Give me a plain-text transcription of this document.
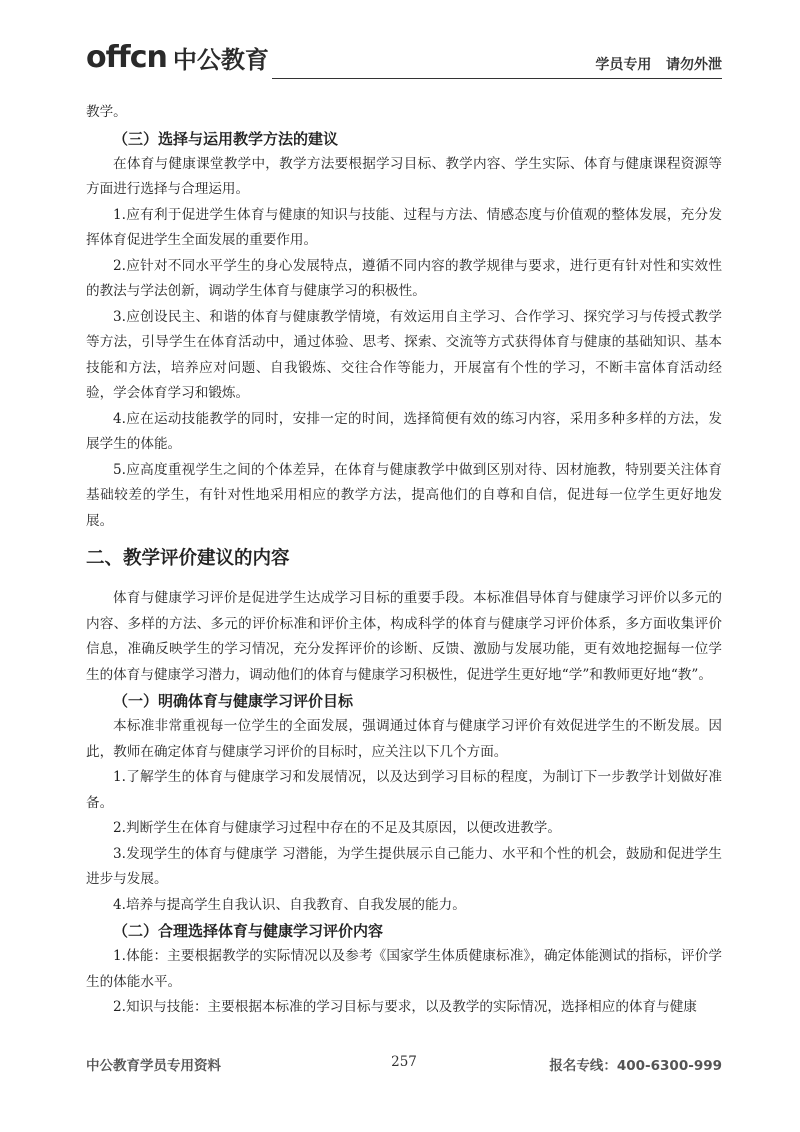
offcn 中公教育	学员专用   请勿外泄

教学。

（三）选择与运用教学方法的建议

在体育与健康课堂教学中，教学方法要根据学习目标、教学内容、学生实际、体育与健康课程资源等方面进行选择与合理运用。

1.应有利于促进学生体育与健康的知识与技能、过程与方法、情感态度与价值观的整体发展，充分发挥体育促进学生全面发展的重要作用。

2.应针对不同水平学生的身心发展特点，遵循不同内容的教学规律与要求，进行更有针对性和实效性的教法与学法创新，调动学生体育与健康学习的积极性。

3.应创设民主、和谐的体育与健康教学情境，有效运用自主学习、合作学习、探究学习与传授式教学等方法，引导学生在体育活动中，通过体验、思考、探索、交流等方式获得体育与健康的基础知识、基本技能和方法，培养应对问题、自我锻炼、交往合作等能力，开展富有个性的学习，不断丰富体育活动经验，学会体育学习和锻炼。

4.应在运动技能教学的同时，安排一定的时间，选择简便有效的练习内容，采用多种多样的方法，发展学生的体能。

5.应高度重视学生之间的个体差异，在体育与健康教学中做到区别对待、因材施教，特别要关注体育基础较差的学生，有针对性地采用相应的教学方法，提高他们的自尊和自信，促进每一位学生更好地发展。

二、教学评价建议的内容

体育与健康学习评价是促进学生达成学习目标的重要手段。本标准倡导体育与健康学习评价以多元的内容、多样的方法、多元的评价标准和评价主体，构成科学的体育与健康学习评价体系，多方面收集评价信息，准确反映学生的学习情况，充分发挥评价的诊断、反馈、激励与发展功能，更有效地挖掘每一位学生的体育与健康学习潜力，调动他们的体育与健康学习积极性，促进学生更好地“学”和教师更好地“教”。

（一）明确体育与健康学习评价目标

本标准非常重视每一位学生的全面发展，强调通过体育与健康学习评价有效促进学生的不断发展。因此，教师在确定体育与健康学习评价的目标时，应关注以下几个方面。

1.了解学生的体育与健康学习和发展情况，以及达到学习目标的程度，为制订下一步教学计划做好准备。

2.判断学生在体育与健康学习过程中存在的不足及其原因，以便改进教学。

3.发现学生的体育与健康学 习潜能，为学生提供展示自己能力、水平和个性的机会，鼓励和促进学生进步与发展。

4.培养与提高学生自我认识、自我教育、自我发展的能力。

（二）合理选择体育与健康学习评价内容

1.体能：主要根据教学的实际情况以及参考《国家学生体质健康标准》，确定体能测试的指标，评价学生的体能水平。

2.知识与技能：主要根据本标准的学习目标与要求，以及教学的实际情况，选择相应的体育与健康

中公教育学员专用资料	257	报名专线：400-6300-999
